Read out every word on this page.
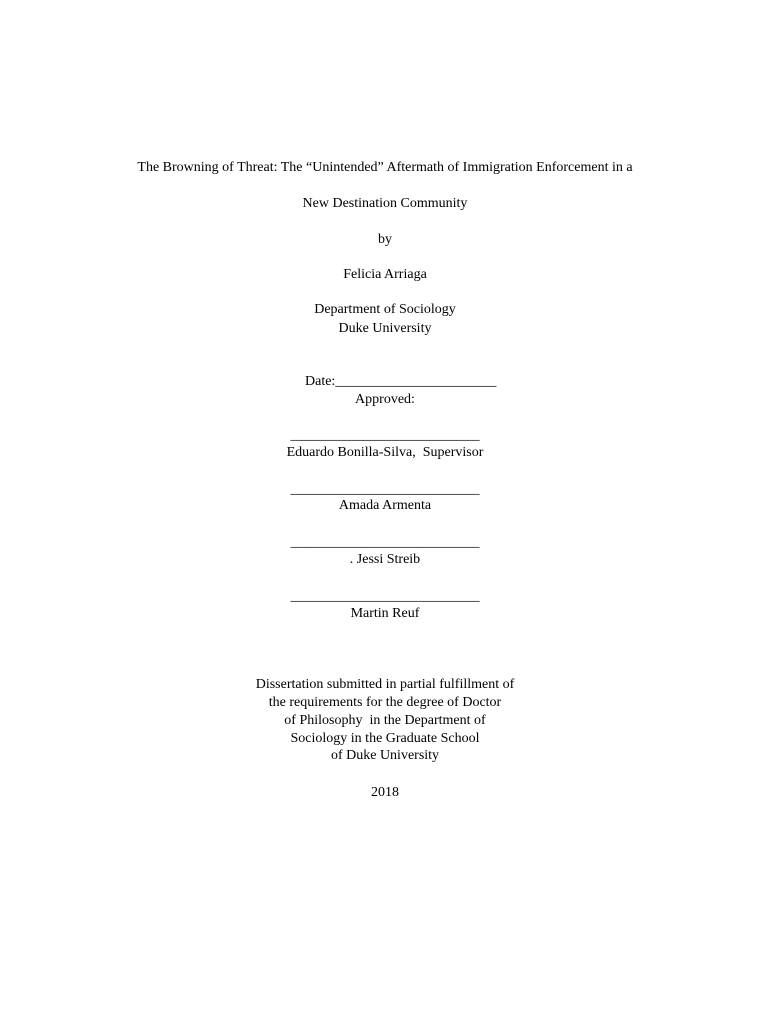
The Browning of Threat: The “Unintended” Aftermath of Immigration Enforcement in a
New Destination Community
by
Felicia Arriaga
Department of Sociology
Duke University
Date:_______________________
Approved:
___________________________
Eduardo Bonilla-Silva,  Supervisor
___________________________
Amada Armenta
___________________________
. Jessi Streib
___________________________
Martin Reuf
Dissertation submitted in partial fulfillment of
the requirements for the degree of Doctor
of Philosophy  in the Department of
Sociology in the Graduate School
of Duke University
2018
